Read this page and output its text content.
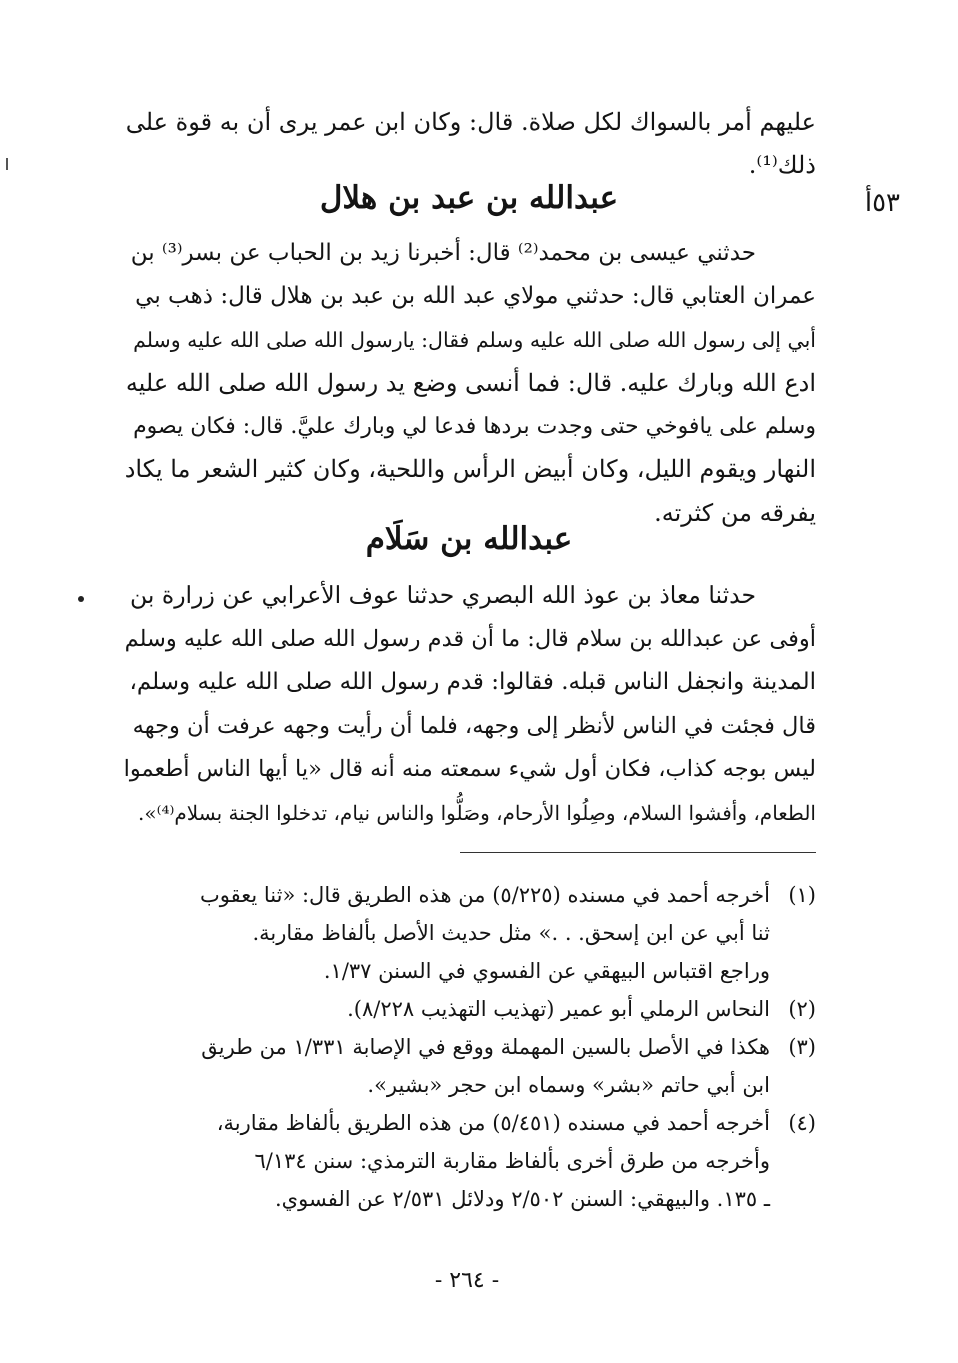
عليهم أمر بالسواك لكل صلاة. قال: وكان ابن عمر يرى أن به قوة على
ذلك⁽¹⁾.
٥٣أ
عبدالله بن عبد بن هلال
حدثني عيسى بن محمد⁽²⁾ قال: أخبرنا زيد بن الحباب عن بسر⁽³⁾ بن
عمران العتابي قال: حدثني مولاي عبد الله بن عبد بن هلال قال: ذهب بي
أبي إلى رسول الله صلى الله عليه وسلم فقال: يارسول الله صلى الله عليه وسلم
ادع الله وبارك عليه. قال: فما أنسى وضع يد رسول الله صلى الله عليه
وسلم على يافوخي حتى وجدت بردها فدعا لي وبارك عليَّ. قال: فكان يصوم
النهار ويقوم الليل، وكان أبيض الرأس واللحية، وكان كثير الشعر ما يكاد
يفرقه من كثرته.
عبدالله بن سَلَام
حدثنا معاذ بن عوذ الله البصري حدثنا عوف الأعرابي عن زرارة بن
أوفى عن عبدالله بن سلام قال: ما أن قدم رسول الله صلى الله عليه وسلم
المدينة وانجفل الناس قبله. فقالوا: قدم رسول الله صلى الله عليه وسلم،
قال فجئت في الناس لأنظر إلى وجهه، فلما أن رأيت وجهه عرفت أن وجهه
ليس بوجه كذاب، فكان أول شيء سمعته منه أنه قال «يا أيها الناس أطعموا
الطعام، وأفشوا السلام، وصِلُوا الأرحام، وصَلُّوا والناس نيام، تدخلوا الجنة بسلام⁽⁴⁾».
(١)
أخرجه أحمد في مسنده (٥/٢٢٥) من هذه الطريق قال: «ثنا يعقوب
ثنا أبي عن ابن إسحق. . .» مثل حديث الأصل بألفاظ مقاربة.
وراجع اقتباس البيهقي عن الفسوي في السنن ١/٣٧.
(٢)
النحاس الرملي أبو عمير (تهذيب التهذيب ٨/٢٢٨).
(٣)
هكذا في الأصل بالسين المهملة ووقع في الإصابة ١/٣٣١ من طريق
ابن أبي حاتم «بشر» وسماه ابن حجر «بشير».
(٤)
أخرجه أحمد في مسنده (٥/٤٥١) من هذه الطريق بألفاظ مقاربة،
وأخرجه من طرق أخرى بألفاظ مقاربة الترمذي: سنن ٦/١٣٤
ـ ١٣٥. والبيهقي: السنن ٢/٥٠٢ ودلائل ٢/٥٣١ عن الفسوي.
- ٢٦٤ -
